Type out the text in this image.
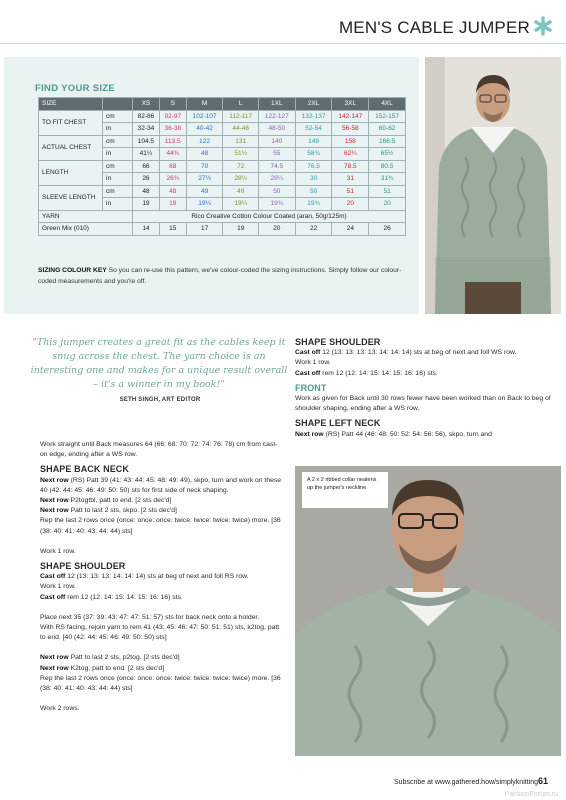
MEN'S CABLE JUMPER
FIND YOUR SIZE
SIZE		XS	S	M	L	1XL	2XL	3XL	4XL
TO FIT CHEST	cm	82-86	92-97	102-107	112-117	122-127	132-137	142-147	152-157
	in	32-34	36-38	40-42	44-46	48-50	52-54	56-58	60-62
ACTUAL CHEST	cm	104.5	113.5	122	131	140	149	158	166.5
	in	41¼	44¾	48	51½	55	58¾	62¼	65½
LENGTH	cm	66	68	70	72	74.5	76.5	78.5	80.5
	in	26	26¾	27½	28¼	29¼	30	31	31¾
SLEEVE LENGTH	cm	48	48	49	49	50	50	51	51
	in	19	19	19¼	19¼	19¾	19¾	20	20
YARN		Rico Creative Cotton Colour Coated (aran, 50g/125m)							
Green Mix (010)		14	15	17	19	20	22	24	26
SIZING COLOUR KEY So you can re-use this pattern, we've colour-coded the sizing instructions. Simply follow our colour-coded measurements and you're off.
"This jumper creates a great fit as the cables keep it snug across the chest. The yarn choice is an interesting one and makes for a unique result overall – it's a winner in my book!"
SETH SINGH, ART EDITOR

Work straight until Back measures 64 (66: 68: 70: 72: 74: 76: 78) cm from cast-on edge, ending after a WS row.

SHAPE BACK NECK

Next row (RS) Patt 39 (41: 43: 44: 45: 48: 49: 49), skpo, turn and work on these 40 (42: 44: 45: 46: 49: 50: 50) sts for first side of neck shaping.

Next row P2togtbl, patt to end. [2 sts dec'd]

Next row Patt to last 2 sts, skpo. [2 sts dec'd]

Rep the last 2 rows once (once: once: once: twice: twice: twice: twice) more. [36 (38: 40: 41: 40: 43: 44: 44) sts]

Work 1 row.

SHAPE SHOULDER

Cast off 12 (13: 13: 13: 14: 14: 14) sts at beg of next and foll RS row.

Work 1 row.

Cast off rem 12 (12: 14: 15: 14: 15: 16: 16) sts.

Place next 35 (37: 39: 43: 47: 47: 51: 57) sts for back neck onto a holder.

With RS facing, rejoin yarn to rem 41 (43: 45: 46: 47: 50: 51: 51) sts, k2tog, patt to end. [40 (42: 44: 45: 46: 49: 50: 50) sts]

Next row Patt to last 2 sts, p2tog. [2 sts dec'd]

Next row K2tog, patt to end. [2 sts dec'd]

Rep the last 2 rows once (once: once: once: twice: twice: twice: twice) more. [36 (38: 40: 41: 40: 43: 44: 44) sts]

Work 2 rows.

SHAPE SHOULDER

Cast off 12 (13: 13: 13: 13: 14: 14: 14) sts at beg of next and foll WS row.

Work 1 row.

Cast off rem 12 (12: 14: 15: 14: 15: 16: 16) sts.

FRONT

Work as given for Back until 30 rows fewer have been worked than on Back to beg of shoulder shaping, ending after a WS row.

SHAPE LEFT NECK

Next row (RS) Patt 44 (46: 48: 50: 52: 54: 56: 56), skpo, turn and

A 2 x 2 ribbed collar neatens up the jumper's neckline
Subscribe at www.gathered.how/simplyknitting61
PassionForum.ru
